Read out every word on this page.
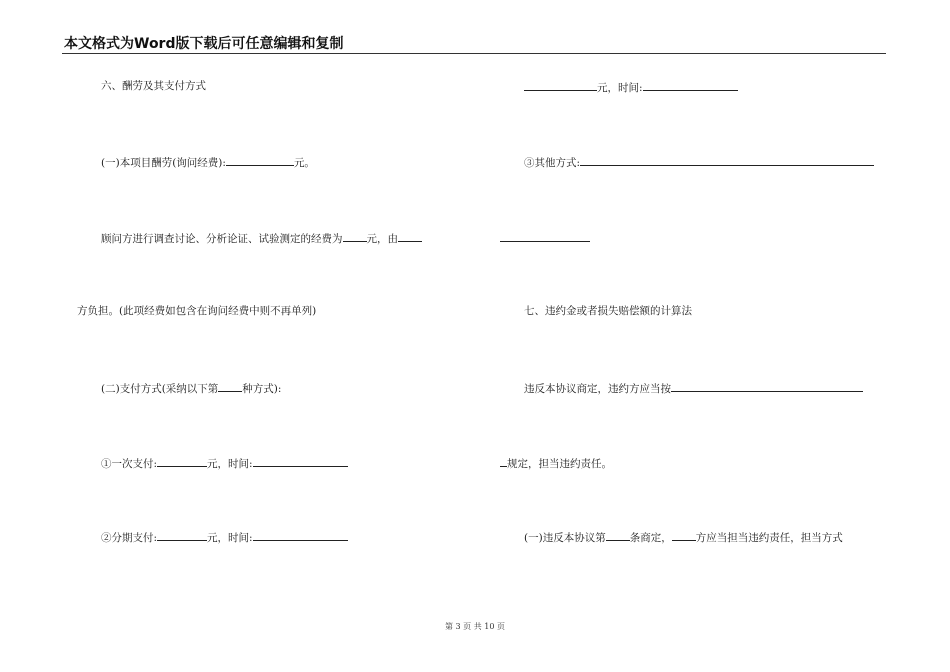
本文格式为Word版下载后可任意编辑和复制
六、酬劳及其支付方式
(一)本项目酬劳(询问经费):	元。
顾问方进行调查讨论、分析论证、试验测定的经费为 元，由
方负担。(此项经费如包含在询问经费中则不再单列)
(二)支付方式(采纳以下第 种方式):
①一次支付:	元，时间:
②分期支付:	元，时间:
元，时间:
③其他方式:
七、违约金或者损失赔偿额的计算法
违反本协议商定，违约方应当按
规定，担当违约责任。
(一)违反本协议第 条商定， 方应当担当违约责任，担当方式
第 3 页 共 10 页
